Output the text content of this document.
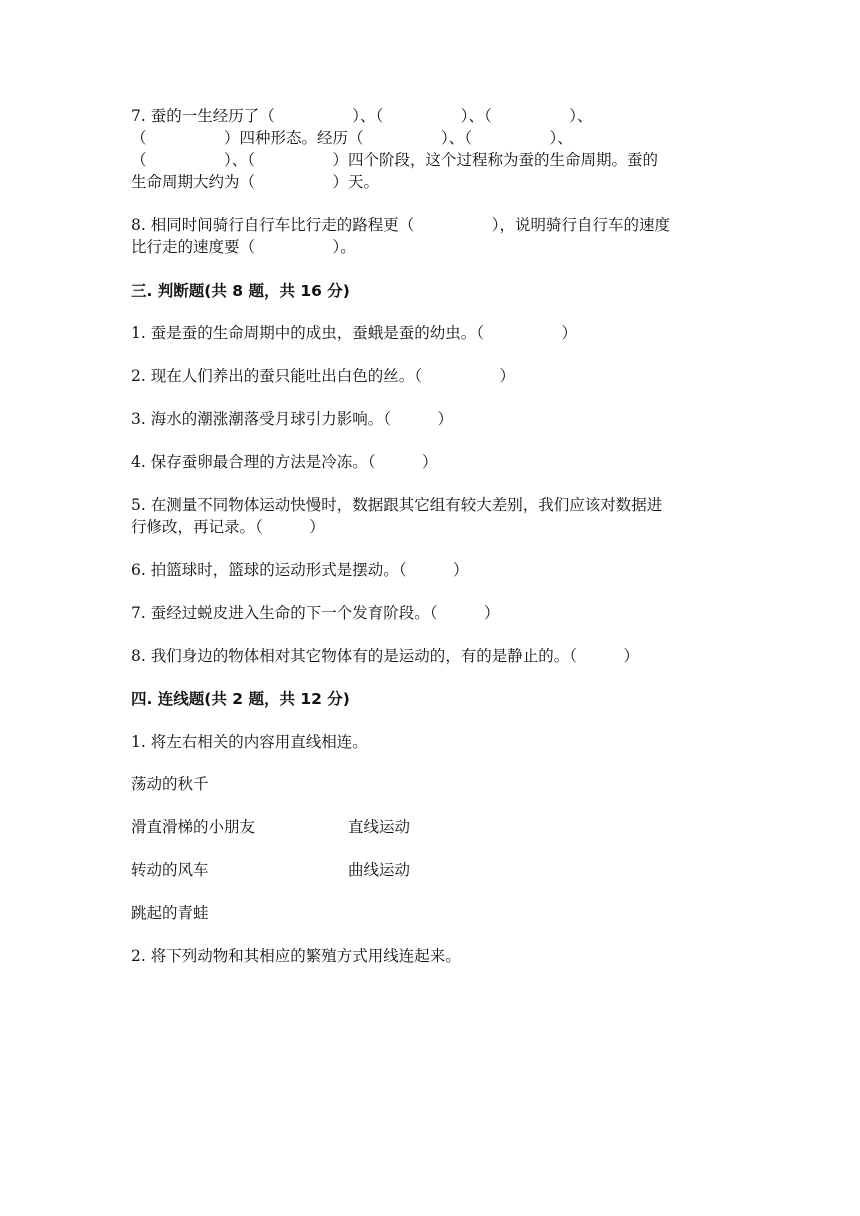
7. 蚕的一生经历了（　　　　　）、（　　　　　）、（　　　　　）、
（　　　　　）四种形态。经历（　　　　　）、（　　　　　）、
（　　　　　）、（　　　　　）四个阶段，这个过程称为蚕的生命周期。蚕的
生命周期大约为（　　　　　）天。
8. 相同时间骑行自行车比行走的路程更（　　　　　），说明骑行自行车的速度
比行走的速度要（　　　　　）。
三. 判断题(共 8 题，共 16 分)
1. 蚕是蚕的生命周期中的成虫，蚕蛾是蚕的幼虫。（　　　　　）
2. 现在人们养出的蚕只能吐出白色的丝。（　　　　　）
3. 海水的潮涨潮落受月球引力影响。（　　　）
4. 保存蚕卵最合理的方法是冷冻。（　　　）
5. 在测量不同物体运动快慢时，数据跟其它组有较大差别，我们应该对数据进
行修改，再记录。（　　　）
6. 拍篮球时，篮球的运动形式是摆动。（　　　）
7. 蚕经过蜕皮进入生命的下一个发育阶段。（　　　）
8. 我们身边的物体相对其它物体有的是运动的，有的是静止的。（　　　）
四. 连线题(共 2 题，共 12 分)
1. 将左右相关的内容用直线相连。
荡动的秋千
滑直滑梯的小朋友	直线运动
转动的风车	曲线运动
跳起的青蛙
2. 将下列动物和其相应的繁殖方式用线连起来。
